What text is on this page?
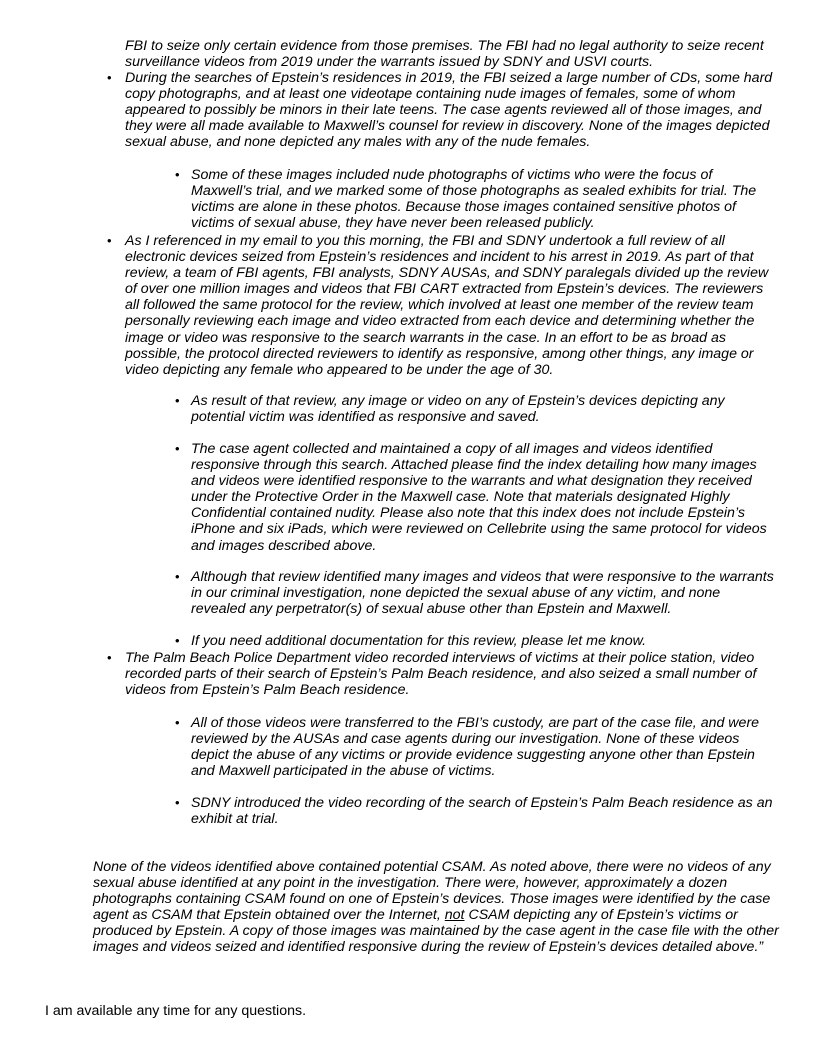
FBI to seize only certain evidence from those premises. The FBI had no legal authority to seize recent surveillance videos from 2019 under the warrants issued by SDNY and USVI courts.

• During the searches of Epstein’s residences in 2019, the FBI seized a large number of CDs, some hard copy photographs, and at least one videotape containing nude images of females, some of whom appeared to possibly be minors in their late teens. The case agents reviewed all of those images, and they were all made available to Maxwell’s counsel for review in discovery. None of the images depicted sexual abuse, and none depicted any males with any of the nude females.

• Some of these images included nude photographs of victims who were the focus of Maxwell’s trial, and we marked some of those photographs as sealed exhibits for trial. The victims are alone in these photos. Because those images contained sensitive photos of victims of sexual abuse, they have never been released publicly.

• As I referenced in my email to you this morning, the FBI and SDNY undertook a full review of all electronic devices seized from Epstein’s residences and incident to his arrest in 2019. As part of that review, a team of FBI agents, FBI analysts, SDNY AUSAs, and SDNY paralegals divided up the review of over one million images and videos that FBI CART extracted from Epstein’s devices. The reviewers all followed the same protocol for the review, which involved at least one member of the review team personally reviewing each image and video extracted from each device and determining whether the image or video was responsive to the search warrants in the case. In an effort to be as broad as possible, the protocol directed reviewers to identify as responsive, among other things, any image or video depicting any female who appeared to be under the age of 30.

• As result of that review, any image or video on any of Epstein’s devices depicting any potential victim was identified as responsive and saved.

• The case agent collected and maintained a copy of all images and videos identified responsive through this search. Attached please find the index detailing how many images and videos were identified responsive to the warrants and what designation they received under the Protective Order in the Maxwell case. Note that materials designated Highly Confidential contained nudity. Please also note that this index does not include Epstein’s iPhone and six iPads, which were reviewed on Cellebrite using the same protocol for videos and images described above.

• Although that review identified many images and videos that were responsive to the warrants in our criminal investigation, none depicted the sexual abuse of any victim, and none revealed any perpetrator(s) of sexual abuse other than Epstein and Maxwell.

• If you need additional documentation for this review, please let me know.

• The Palm Beach Police Department video recorded interviews of victims at their police station, video recorded parts of their search of Epstein’s Palm Beach residence, and also seized a small number of videos from Epstein’s Palm Beach residence.

• All of those videos were transferred to the FBI’s custody, are part of the case file, and were reviewed by the AUSAs and case agents during our investigation. None of these videos depict the abuse of any victims or provide evidence suggesting anyone other than Epstein and Maxwell participated in the abuse of victims.

• SDNY introduced the video recording of the search of Epstein’s Palm Beach residence as an exhibit at trial.

None of the videos identified above contained potential CSAM. As noted above, there were no videos of any sexual abuse identified at any point in the investigation. There were, however, approximately a dozen photographs containing CSAM found on one of Epstein’s devices. Those images were identified by the case agent as CSAM that Epstein obtained over the Internet, not CSAM depicting any of Epstein’s victims or produced by Epstein. A copy of those images was maintained by the case agent in the case file with the other images and videos seized and identified responsive during the review of Epstein’s devices detailed above.”

I am available any time for any questions.
